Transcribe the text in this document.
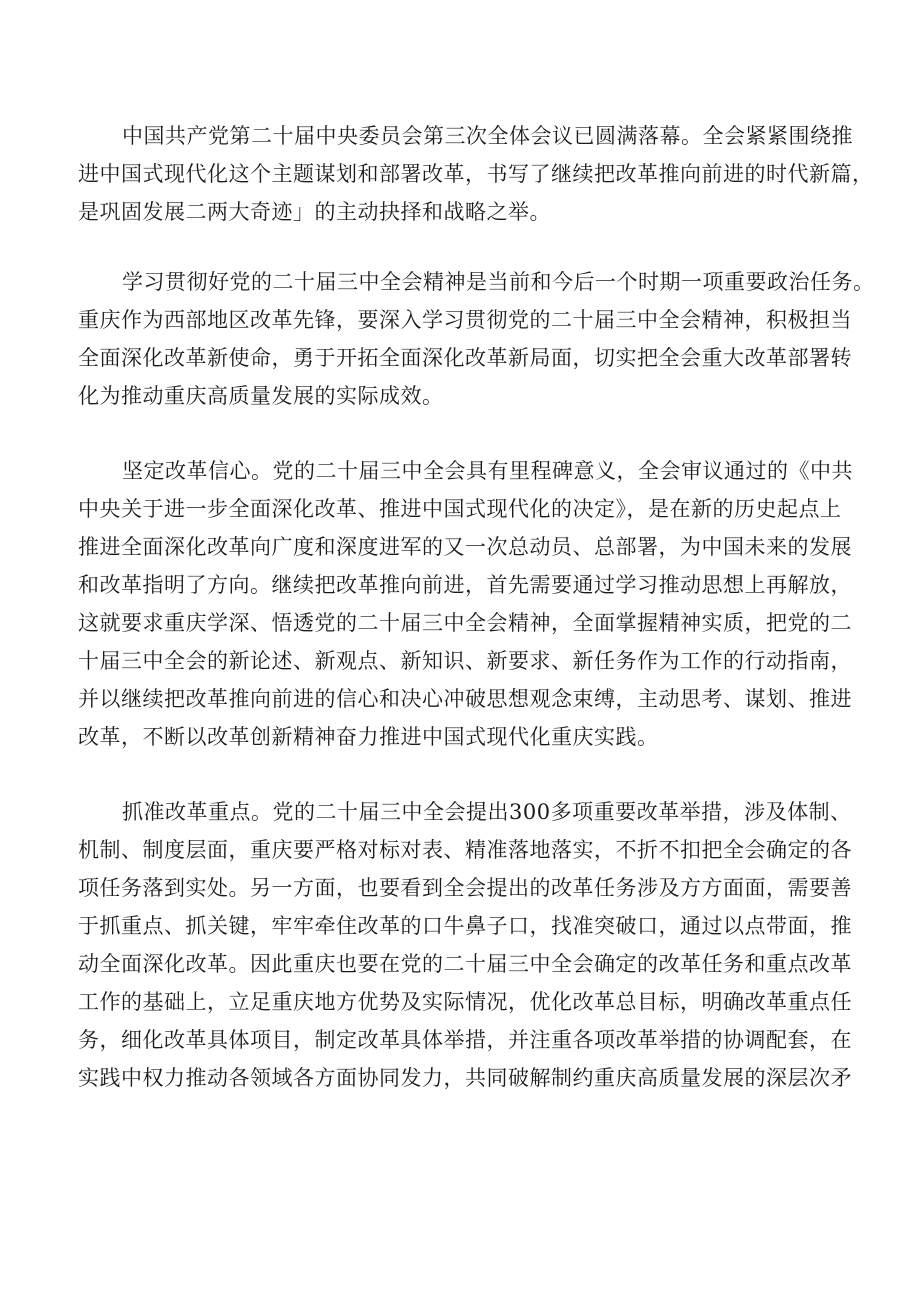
中国共产党第二十届中央委员会第三次全体会议已圆满落幕。全会紧紧围绕推
进中国式现代化这个主题谋划和部署改革，书写了继续把改革推向前进的时代新篇，
是巩固发展二两大奇迹」的主动抉择和战略之举。
学习贯彻好党的二十届三中全会精神是当前和今后一个时期一项重要政治任务。
重庆作为西部地区改革先锋，要深入学习贯彻党的二十届三中全会精神，积极担当
全面深化改革新使命，勇于开拓全面深化改革新局面，切实把全会重大改革部署转
化为推动重庆高质量发展的实际成效。
坚定改革信心。党的二十届三中全会具有里程碑意义，全会审议通过的《中共
中央关于进一步全面深化改革、推进中国式现代化的决定》，是在新的历史起点上
推进全面深化改革向广度和深度进军的又一次总动员、总部署，为中国未来的发展
和改革指明了方向。继续把改革推向前进，首先需要通过学习推动思想上再解放，
这就要求重庆学深、悟透党的二十届三中全会精神，全面掌握精神实质，把党的二
十届三中全会的新论述、新观点、新知识、新要求、新任务作为工作的行动指南，
并以继续把改革推向前进的信心和决心冲破思想观念束缚，主动思考、谋划、推进
改革，不断以改革创新精神奋力推进中国式现代化重庆实践。
抓准改革重点。党的二十届三中全会提出300多项重要改革举措，涉及体制、
机制、制度层面，重庆要严格对标对表、精准落地落实，不折不扣把全会确定的各
项任务落到实处。另一方面，也要看到全会提出的改革任务涉及方方面面，需要善
于抓重点、抓关键，牢牢牵住改革的口牛鼻子口，找准突破口，通过以点带面，推
动全面深化改革。因此重庆也要在党的二十届三中全会确定的改革任务和重点改革
工作的基础上，立足重庆地方优势及实际情况，优化改革总目标，明确改革重点任
务，细化改革具体项目，制定改革具体举措，并注重各项改革举措的协调配套，在
实践中权力推动各领域各方面协同发力，共同破解制约重庆高质量发展的深层次矛
